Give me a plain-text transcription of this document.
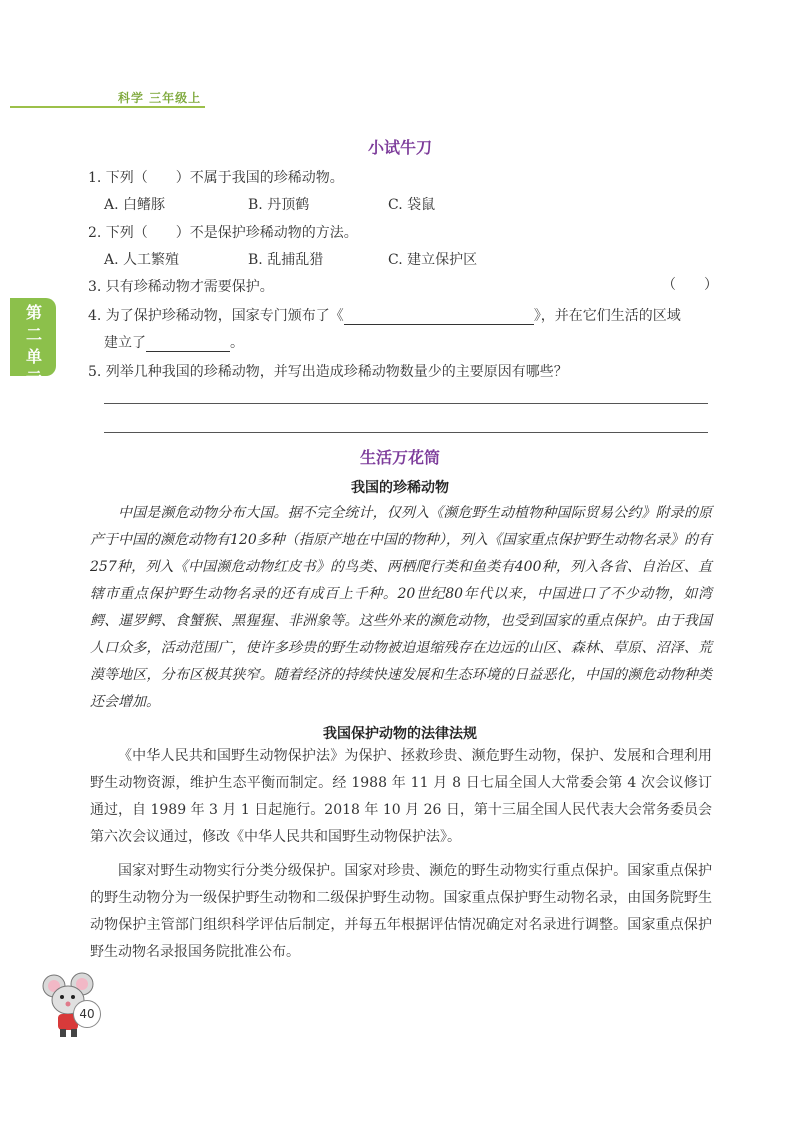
科学 三年级上
第二单元
小试牛刀
1. 下列（　　）不属于我国的珍稀动物。
A. 白鳍豚	B. 丹顶鹤	C. 袋鼠
2. 下列（　　）不是保护珍稀动物的方法。
A. 人工繁殖	B. 乱捕乱猎	C. 建立保护区
3. 只有珍稀动物才需要保护。	（　　）
4. 为了保护珍稀动物，国家专门颁布了《	》，并在它们生活的区域
建立了	。
5. 列举几种我国的珍稀动物，并写出造成珍稀动物数量少的主要原因有哪些？
生活万花筒
我国的珍稀动物

中国是濒危动物分布大国。据不完全统计，仅列入《濒危野生动植物种国际贸易公约》附录的原产于中国的濒危动物有120多种（指原产地在中国的物种），列入《国家重点保护野生动物名录》的有257种，列入《中国濒危动物红皮书》的鸟类、两栖爬行类和鱼类有400种，列入各省、自治区、直辖市重点保护野生动物名录的还有成百上千种。20世纪80年代以来，中国进口了不少动物，如湾鳄、暹罗鳄、食蟹猴、黑猩猩、非洲象等。这些外来的濒危动物，也受到国家的重点保护。由于我国人口众多，活动范围广，使许多珍贵的野生动物被迫退缩残存在边远的山区、森林、草原、沼泽、荒漠等地区，分布区极其狭窄。随着经济的持续快速发展和生态环境的日益恶化，中国的濒危动物种类还会增加。

我国保护动物的法律法规

《中华人民共和国野生动物保护法》为保护、拯救珍贵、濒危野生动物，保护、发展和合理利用野生动物资源，维护生态平衡而制定。经 1988 年 11 月 8 日七届全国人大常委会第 4 次会议修订通过，自 1989 年 3 月 1 日起施行。2018 年 10 月 26 日，第十三届全国人民代表大会常务委员会第六次会议通过，修改《中华人民共和国野生动物保护法》。

国家对野生动物实行分类分级保护。国家对珍贵、濒危的野生动物实行重点保护。国家重点保护的野生动物分为一级保护野生动物和二级保护野生动物。国家重点保护野生动物名录，由国务院野生动物保护主管部门组织科学评估后制定，并每五年根据评估情况确定对名录进行调整。国家重点保护野生动物名录报国务院批准公布。

40
